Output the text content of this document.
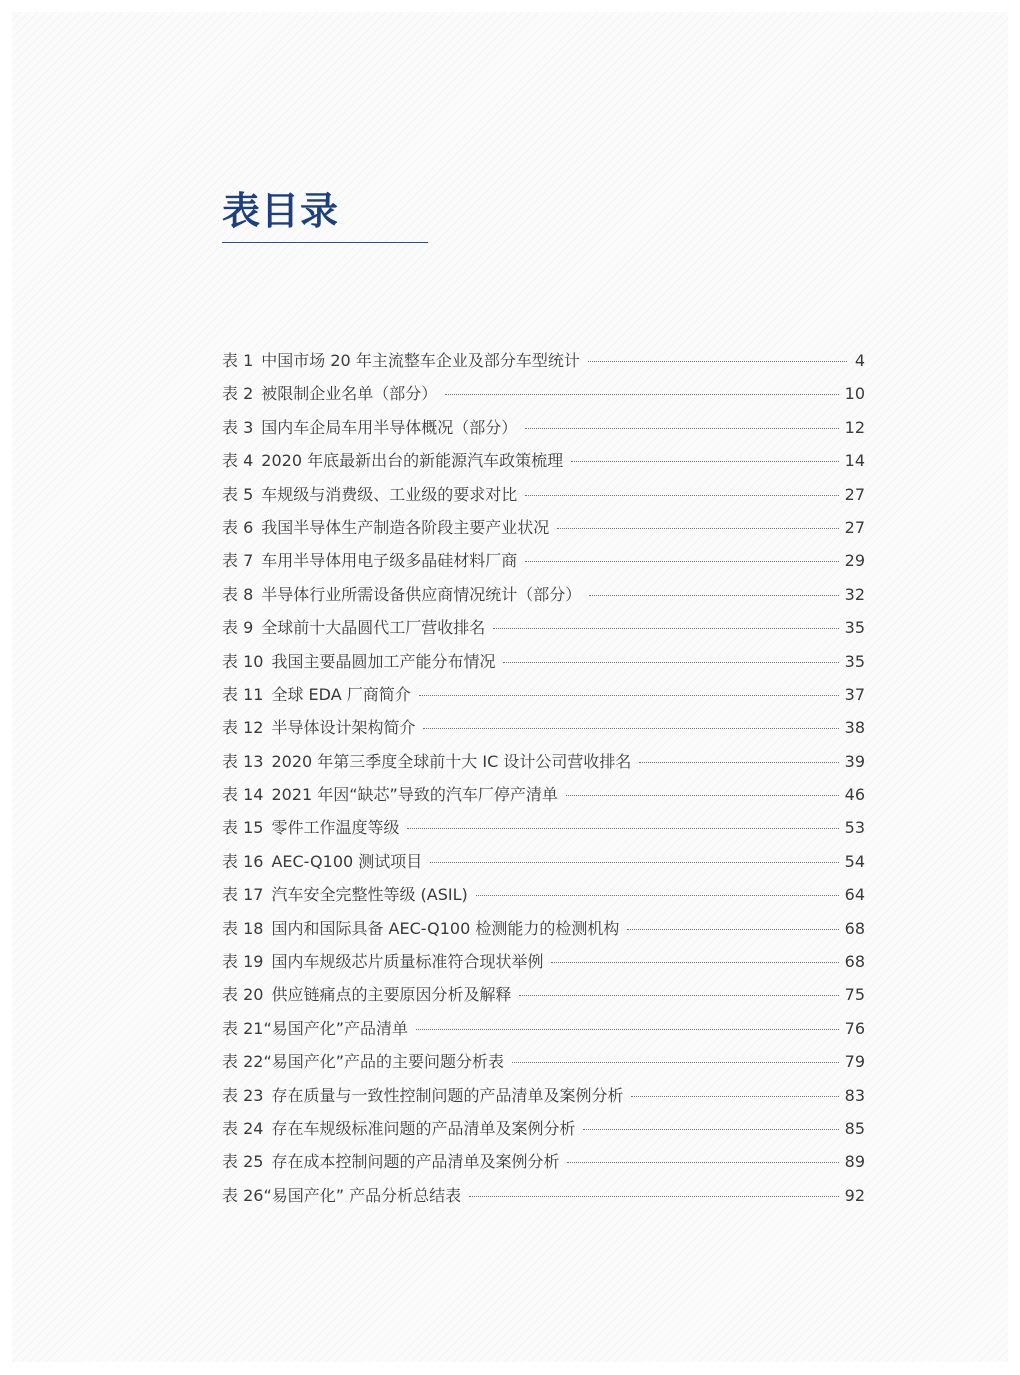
表目录
表 1 中国市场 20 年主流整车企业及部分车型统计	4
表 2 被限制企业名单（部分）	10
表 3 国内车企局车用半导体概况（部分）	12
表 4 2020 年底最新出台的新能源汽车政策梳理	14
表 5 车规级与消费级、工业级的要求对比	27
表 6 我国半导体生产制造各阶段主要产业状况	27
表 7 车用半导体用电子级多晶硅材料厂商	29
表 8 半导体行业所需设备供应商情况统计（部分）	32
表 9 全球前十大晶圆代工厂营收排名	35
表 10 我国主要晶圆加工产能分布情况	35
表 11 全球 EDA 厂商简介	37
表 12 半导体设计架构简介	38
表 13 2020 年第三季度全球前十大 IC 设计公司营收排名	39
表 14 2021 年因“缺芯”导致的汽车厂停产清单	46
表 15 零件工作温度等级	53
表 16 AEC-Q100 测试项目	54
表 17 汽车安全完整性等级 (ASIL)	64
表 18 国内和国际具备 AEC-Q100 检测能力的检测机构	68
表 19 国内车规级芯片质量标准符合现状举例	68
表 20 供应链痛点的主要原因分析及解释	75
表 21 “易国产化”产品清单	76
表 22 “易国产化”产品的主要问题分析表	79
表 23 存在质量与一致性控制问题的产品清单及案例分析	83
表 24 存在车规级标准问题的产品清单及案例分析	85
表 25 存在成本控制问题的产品清单及案例分析	89
表 26 “易国产化” 产品分析总结表	92
